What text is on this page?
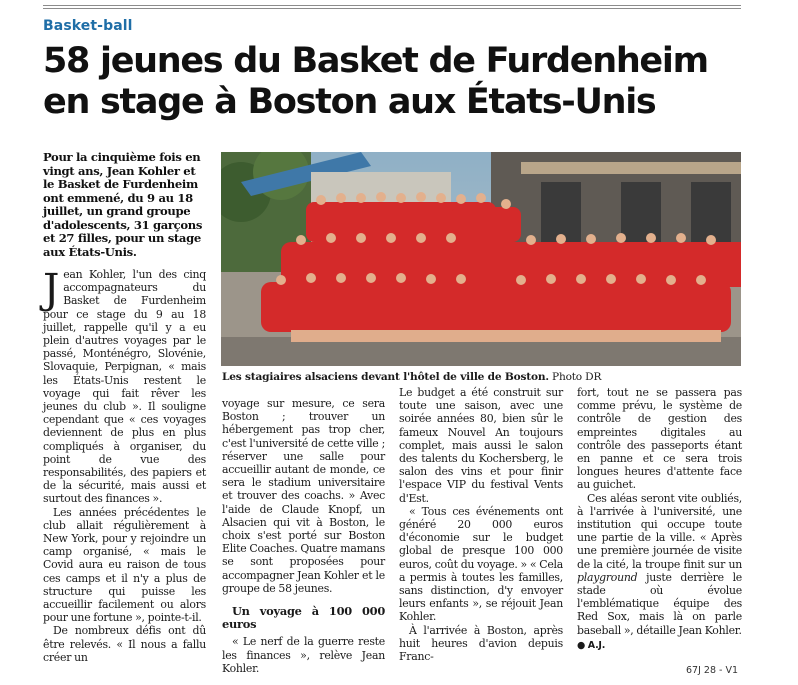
Basket-ball
58 jeunes du Basket de Furdenheim
en stage à Boston aux États-Unis
Pour la cinquième fois en vingt ans, Jean Kohler et le Basket de Furdenheim ont emmené, du 9 au 18 juillet, un grand groupe d'adolescents, 31 garçons et 27 filles, pour un stage aux États-Unis.
Les stagiaires alsaciens devant l'hôtel de ville de Boston. Photo DR

Jean Kohler, l'un des cinq accompagnateurs du Basket de Furdenheim pour ce stage du 9 au 18 juillet, rappelle qu'il y a eu plein d'autres voyages par le passé, Monténégro, Slovénie, Slovaquie, Perpignan, « mais les États-Unis restent le voyage qui fait rêver les jeunes du club ». Il souligne cependant que « ces voyages deviennent de plus en plus compliqués à organiser, du point de vue des responsabilités, des papiers et de la sécurité, mais aussi et surtout des finances ».

Les années précédentes le club allait régulièrement à New York, pour y rejoindre un camp organisé, « mais le Covid aura eu raison de tous ces camps et il n'y a plus de structure qui puisse les accueillir facilement ou alors pour une fortune », pointe-t-il.

De nombreux défis ont dû être relevés. « Il nous a fallu créer un

voyage sur mesure, ce sera Boston ; trouver un hébergement pas trop cher, c'est l'université de cette ville ; réserver une salle pour accueillir autant de monde, ce sera le stadium universitaire et trouver des coachs. » Avec l'aide de Claude Knopf, un Alsacien qui vit à Boston, le choix s'est porté sur Boston Elite Coaches. Quatre mamans se sont proposées pour accompagner Jean Kohler et le groupe de 58 jeunes.

Un voyage à 100 000 euros

« Le nerf de la guerre reste les finances », relève Jean Kohler.

Le budget a été construit sur toute une saison, avec une soirée années 80, bien sûr le fameux Nouvel An toujours complet, mais aussi le salon des talents du Kochersberg, le salon des vins et pour finir l'espace VIP du festival Vents d'Est.

« Tous ces événements ont généré 20 000 euros d'économie sur le budget global de presque 100 000 euros, coût du voyage. » « Cela a permis à toutes les familles, sans distinction, d'y envoyer leurs enfants », se réjouit Jean Kohler.

À l'arrivée à Boston, après huit heures d'avion depuis Franc-

fort, tout ne se passera pas comme prévu, le système de contrôle de gestion des empreintes digitales au contrôle des passeports étant en panne et ce sera trois longues heures d'attente face au guichet.

Ces aléas seront vite oubliés, à l'arrivée à l'université, une institution qui occupe toute une partie de la ville. « Après une première journée de visite de la cité, la troupe finit sur un playground juste derrière le stade où évolue l'emblématique équipe des Red Sox, mais là on parle baseball », détaille Jean Kohler.

● A.J.

67J 28 - V1
